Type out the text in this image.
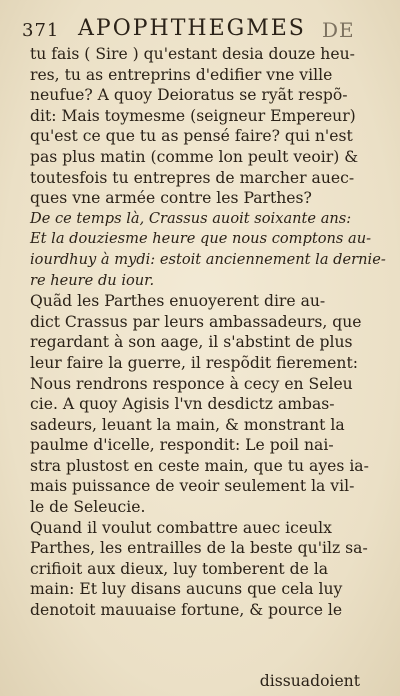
371 APOPHTHEGMES DE
tu fais ( Sire ) qu'estant desia douze heu-
res, tu as entreprins d'edifier vne ville
neufue? A quoy Deioratus se ryãt respõ-
dit: Mais toymesme (seigneur Empereur)
qu'est ce que tu as pensé faire? qui n'est
pas plus matin (comme lon peult veoir) &
toutesfois tu entrepres de marcher auec-
ques vne armée contre les Parthes?
De ce temps là, Crassus auoit soixante ans:
Et la douziesme heure que nous comptons au-
iourdhuy à mydi: estoit anciennement la dernie-
re heure du iour.
Quãd les Parthes enuoyerent dire au-
dict Crassus par leurs ambassadeurs, que
regardant à son aage, il s'abstint de plus
leur faire la guerre, il respõdit fierement:
Nous rendrons responce à cecy en Seleu
cie. A quoy Agisis l'vn desdictz ambas-
sadeurs, leuant la main, & monstrant la
paulme d'icelle, respondit: Le poil nai-
stra plustost en ceste main, que tu ayes ia-
mais puissance de veoir seulement la vil-
le de Seleucie.
Quand il voulut combattre auec iceulx
Parthes, les entrailles de la beste qu'ilz sa-
crifioit aux dieux, luy tomberent de la
main: Et luy disans aucuns que cela luy
denotoit mauuaise fortune, & pource le
dissuadoient
